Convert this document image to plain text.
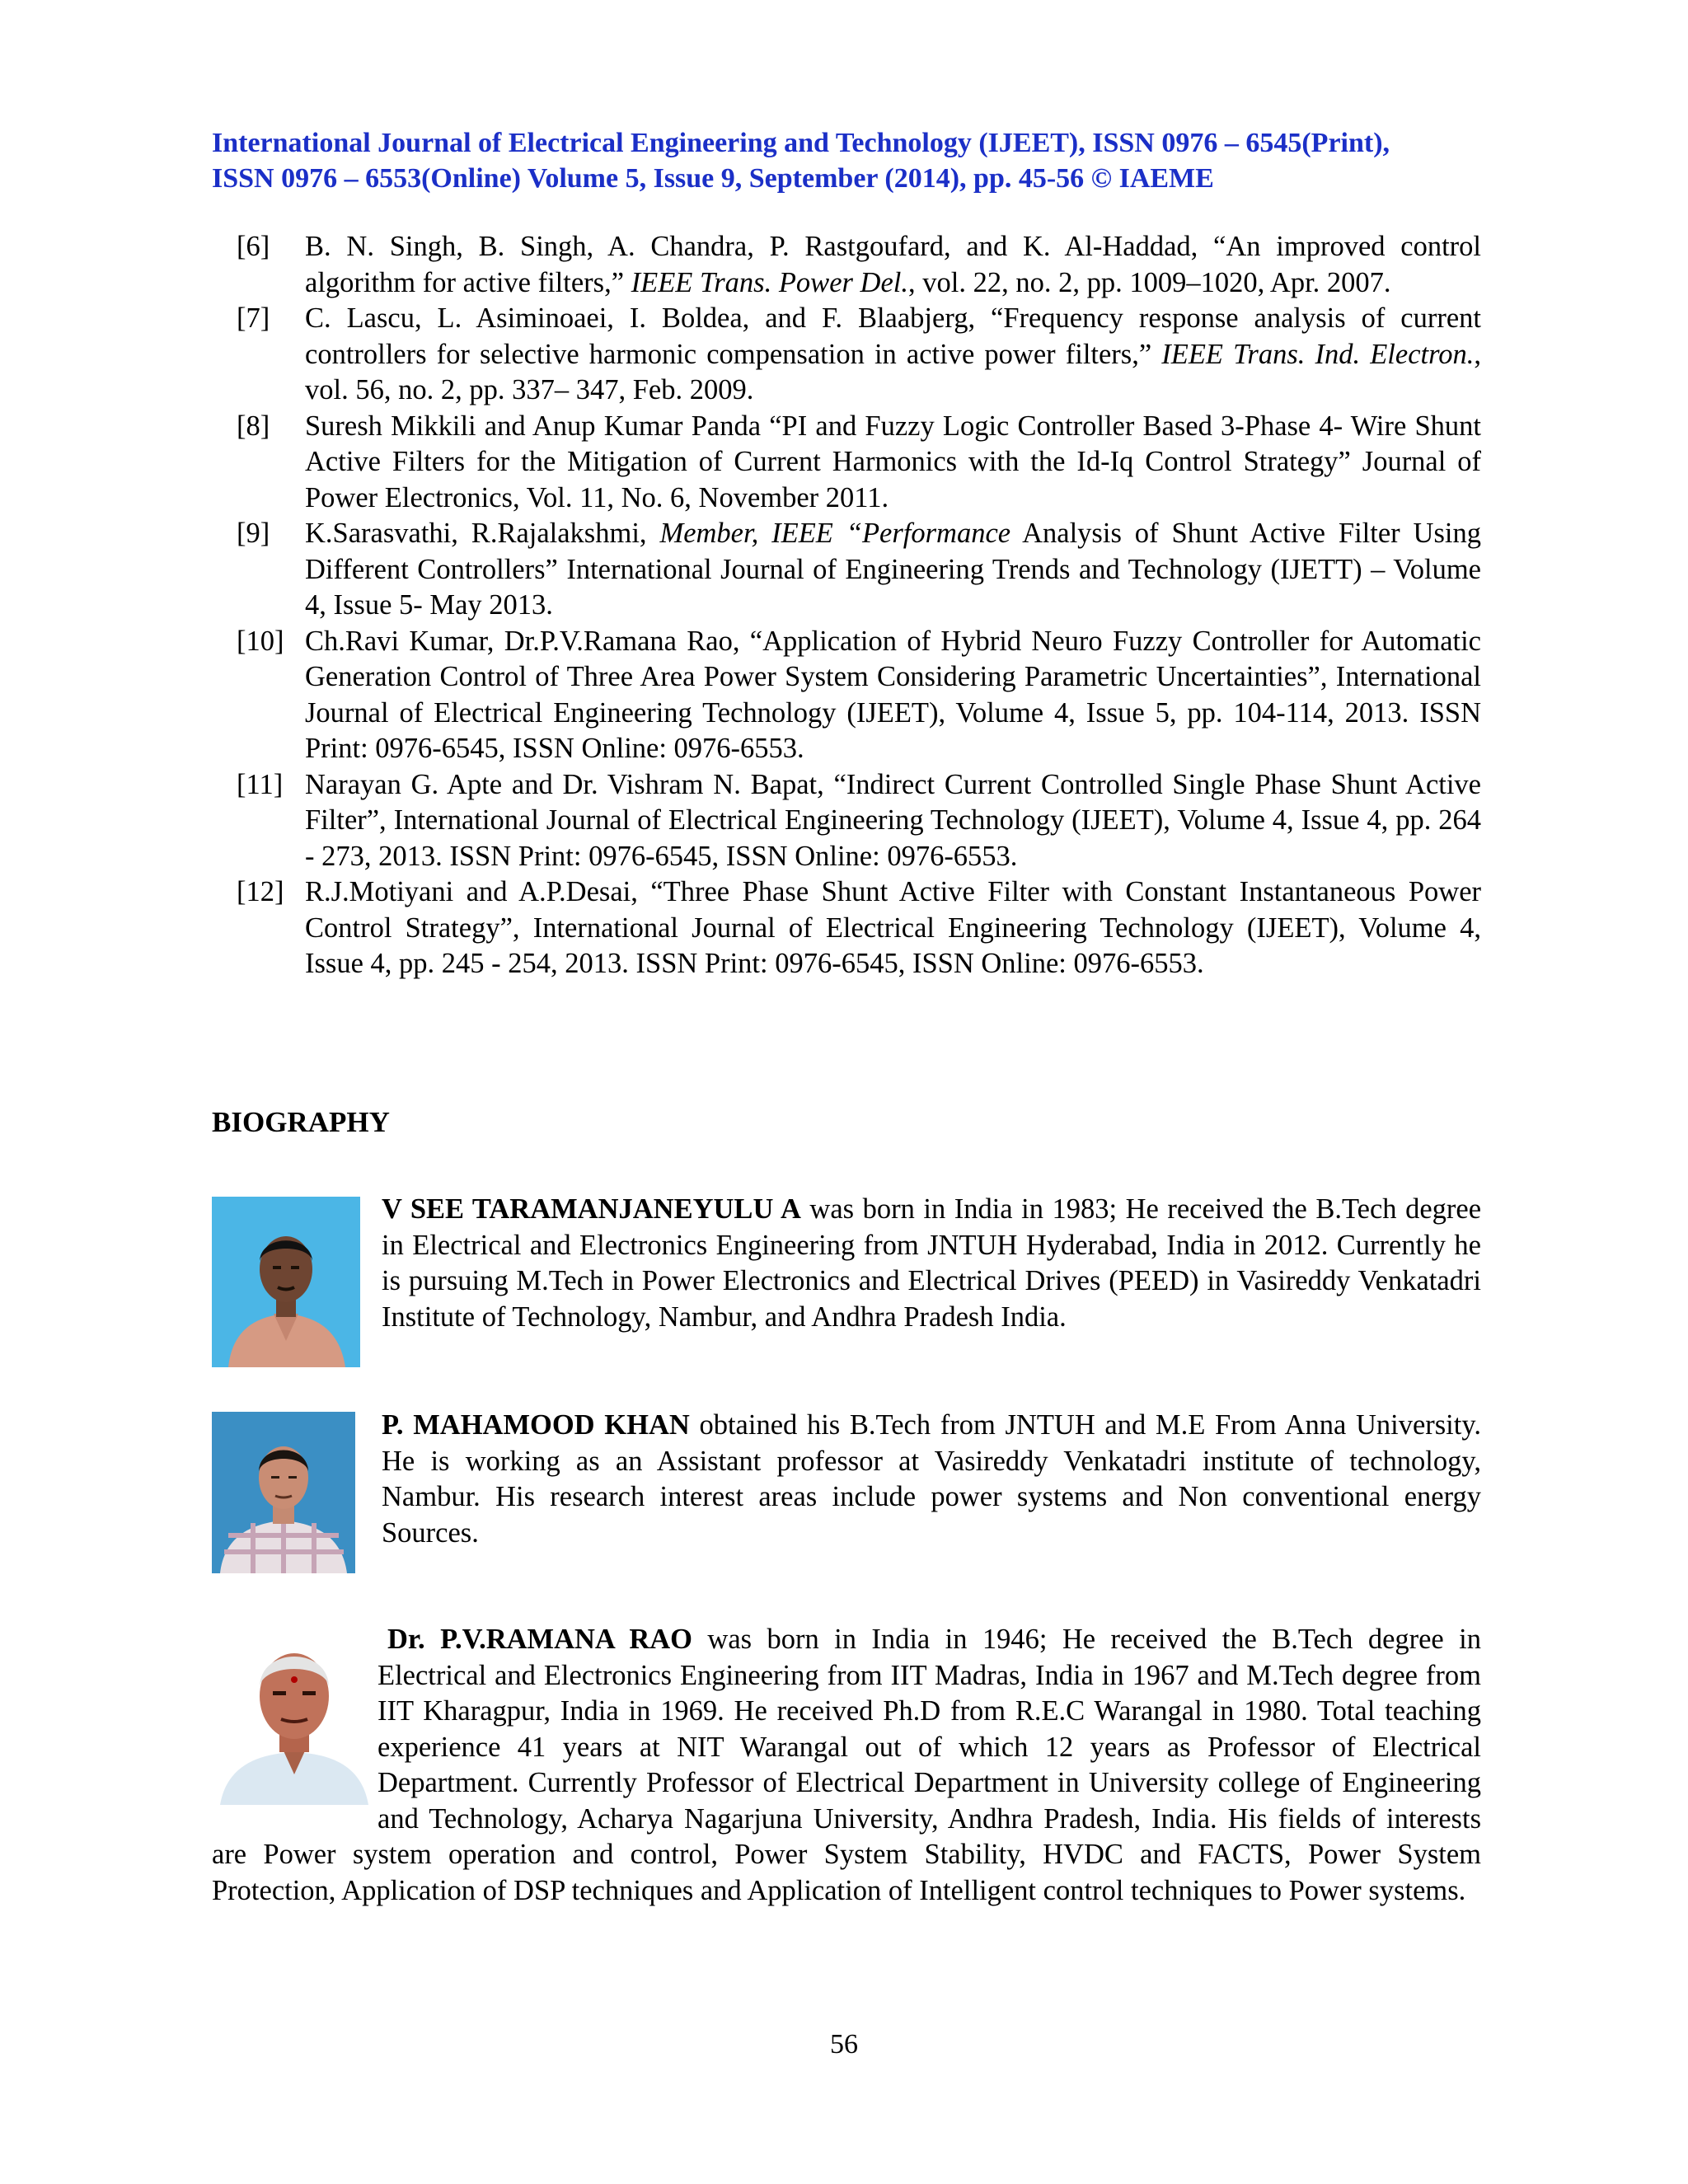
International Journal of Electrical Engineering and Technology (IJEET), ISSN 0976 – 6545(Print),
ISSN 0976 – 6553(Online) Volume 5, Issue 9, September (2014), pp. 45-56 © IAEME
[6]	B. N. Singh, B. Singh, A. Chandra, P. Rastgoufard, and K. Al-Haddad, “An improved control algorithm for active filters,” IEEE Trans. Power Del., vol. 22, no. 2, pp. 1009–1020, Apr. 2007.
[7]	C. Lascu, L. Asiminoaei, I. Boldea, and F. Blaabjerg, “Frequency response analysis of current controllers for selective harmonic compensation in active power filters,” IEEE Trans. Ind. Electron., vol. 56, no. 2, pp. 337– 347, Feb. 2009.
[8]	Suresh Mikkili and Anup Kumar Panda “PI and Fuzzy Logic Controller Based 3-Phase 4- Wire Shunt Active Filters for the Mitigation of Current Harmonics with the Id-Iq Control Strategy” Journal of Power Electronics, Vol. 11, No. 6, November 2011.
[9]	K.Sarasvathi, R.Rajalakshmi, Member, IEEE “Performance Analysis of Shunt Active Filter Using Different Controllers” International Journal of Engineering Trends and Technology (IJETT) – Volume 4, Issue 5- May 2013.
[10] Ch.Ravi Kumar, Dr.P.V.Ramana Rao, “Application of Hybrid Neuro Fuzzy Controller for Automatic Generation Control of Three Area Power System Considering Parametric Uncertainties”, International Journal of Electrical Engineering Technology (IJEET), Volume 4, Issue 5, pp. 104-114, 2013. ISSN Print: 0976-6545, ISSN Online: 0976-6553.
[11] Narayan G. Apte and Dr. Vishram N. Bapat, “Indirect Current Controlled Single Phase Shunt Active Filter”, International Journal of Electrical Engineering Technology (IJEET), Volume 4, Issue 4, pp. 264 - 273, 2013. ISSN Print: 0976-6545, ISSN Online: 0976-6553.
[12] R.J.Motiyani and A.P.Desai, “Three Phase Shunt Active Filter with Constant Instantaneous Power Control Strategy”, International Journal of Electrical Engineering Technology (IJEET), Volume 4, Issue 4, pp. 245 - 254, 2013. ISSN Print: 0976-6545, ISSN Online: 0976-6553.
BIOGRAPHY
V SEE TARAMANJANEYULU A was born in India in 1983; He received the B.Tech degree in Electrical and Electronics Engineering from JNTUH Hyderabad, India in 2012. Currently he is pursuing M.Tech in Power Electronics and Electrical Drives (PEED) in Vasireddy Venkatadri Institute of Technology, Nambur, and Andhra Pradesh India.
P. MAHAMOOD KHAN obtained his B.Tech from JNTUH and M.E From Anna University. He is working as an Assistant professor at Vasireddy Venkatadri institute of technology, Nambur. His research interest areas include power systems and Non conventional energy Sources.
Dr. P.V.RAMANA RAO was born in India in 1946; He received the B.Tech degree in Electrical and Electronics Engineering from IIT Madras, India in 1967 and M.Tech degree from IIT Kharagpur, India in 1969. He received Ph.D from R.E.C Warangal in 1980. Total teaching experience 41 years at NIT Warangal out of which 12 years as Professor of Electrical Department. Currently Professor of Electrical Department in University college of Engineering and Technology, Acharya Nagarjuna University, Andhra Pradesh, India. His fields of interests are Power system operation and control, Power System Stability, HVDC and FACTS, Power System Protection, Application of DSP techniques and Application of Intelligent control techniques to Power systems.
56
